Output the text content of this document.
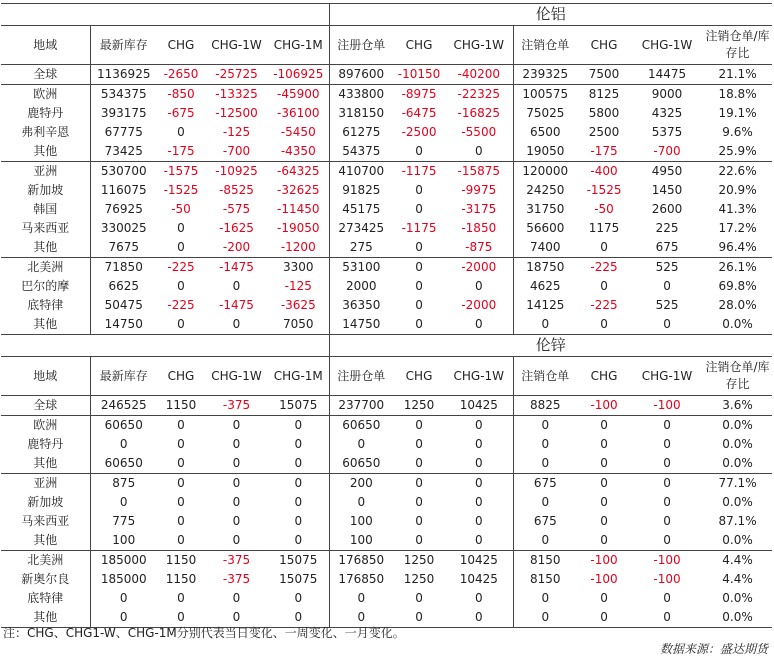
					伦铝						
地域	最新库存	CHG	CHG-1W	CHG-1M	注册仓单	CHG	CHG-1W	注销仓单	CHG	CHG-1W	注销仓单/库存比
全球	1136925	-2650	-25725	-106925	897600	-10150	-40200	239325	7500	14475	21.1%
欧洲	534375	-850	-13325	-45900	433800	-8975	-22325	100575	8125	9000	18.8%
鹿特丹	393175	-675	-12500	-36100	318150	-6475	-16825	75025	5800	4325	19.1%
弗利辛恩	67775	0	-125	-5450	61275	-2500	-5500	6500	2500	5375	9.6%
其他	73425	-175	-700	-4350	54375	0	0	19050	-175	-700	25.9%
亚洲	530700	-1575	-10925	-64325	410700	-1175	-15875	120000	-400	4950	22.6%
新加坡	116075	-1525	-8525	-32625	91825	0	-9975	24250	-1525	1450	20.9%
韩国	76925	-50	-575	-11450	45175	0	-3175	31750	-50	2600	41.3%
马来西亚	330025	0	-1625	-19050	273425	-1175	-1850	56600	1175	225	17.2%
其他	7675	0	-200	-1200	275	0	-875	7400	0	675	96.4%
北美洲	71850	-225	-1475	3300	53100	0	-2000	18750	-225	525	26.1%
巴尔的摩	6625	0	0	-125	2000	0	0	4625	0	0	69.8%
底特律	50475	-225	-1475	-3625	36350	0	-2000	14125	-225	525	28.0%
其他	14750	0	0	7050	14750	0	0	0	0	0	0.0%
					伦锌						
地域	最新库存	CHG	CHG-1W	CHG-1M	注册仓单	CHG	CHG-1W	注销仓单	CHG	CHG-1W	注销仓单/库存比
全球	246525	1150	-375	15075	237700	1250	10425	8825	-100	-100	3.6%
欧洲	60650	0	0	0	60650	0	0	0	0	0	0.0%
鹿特丹	0	0	0	0	0	0	0	0	0	0	0.0%
其他	60650	0	0	0	60650	0	0	0	0	0	0.0%
亚洲	875	0	0	0	200	0	0	675	0	0	77.1%
新加坡	0	0	0	0	0	0	0	0	0	0	0.0%
马来西亚	775	0	0	0	100	0	0	675	0	0	87.1%
其他	100	0	0	0	100	0	0	0	0	0	0.0%
北美洲	185000	1150	-375	15075	176850	1250	10425	8150	-100	-100	4.4%
新奥尔良	185000	1150	-375	15075	176850	1250	10425	8150	-100	-100	4.4%
底特律	0	0	0	0	0	0	0	0	0	0	0.0%
其他	0	0	0	0	0	0	0	0	0	0	0.0%
注：CHG、CHG1-W、CHG-1M分别代表当日变化、一周变化、一月变化。
数据来源：盛达期货
